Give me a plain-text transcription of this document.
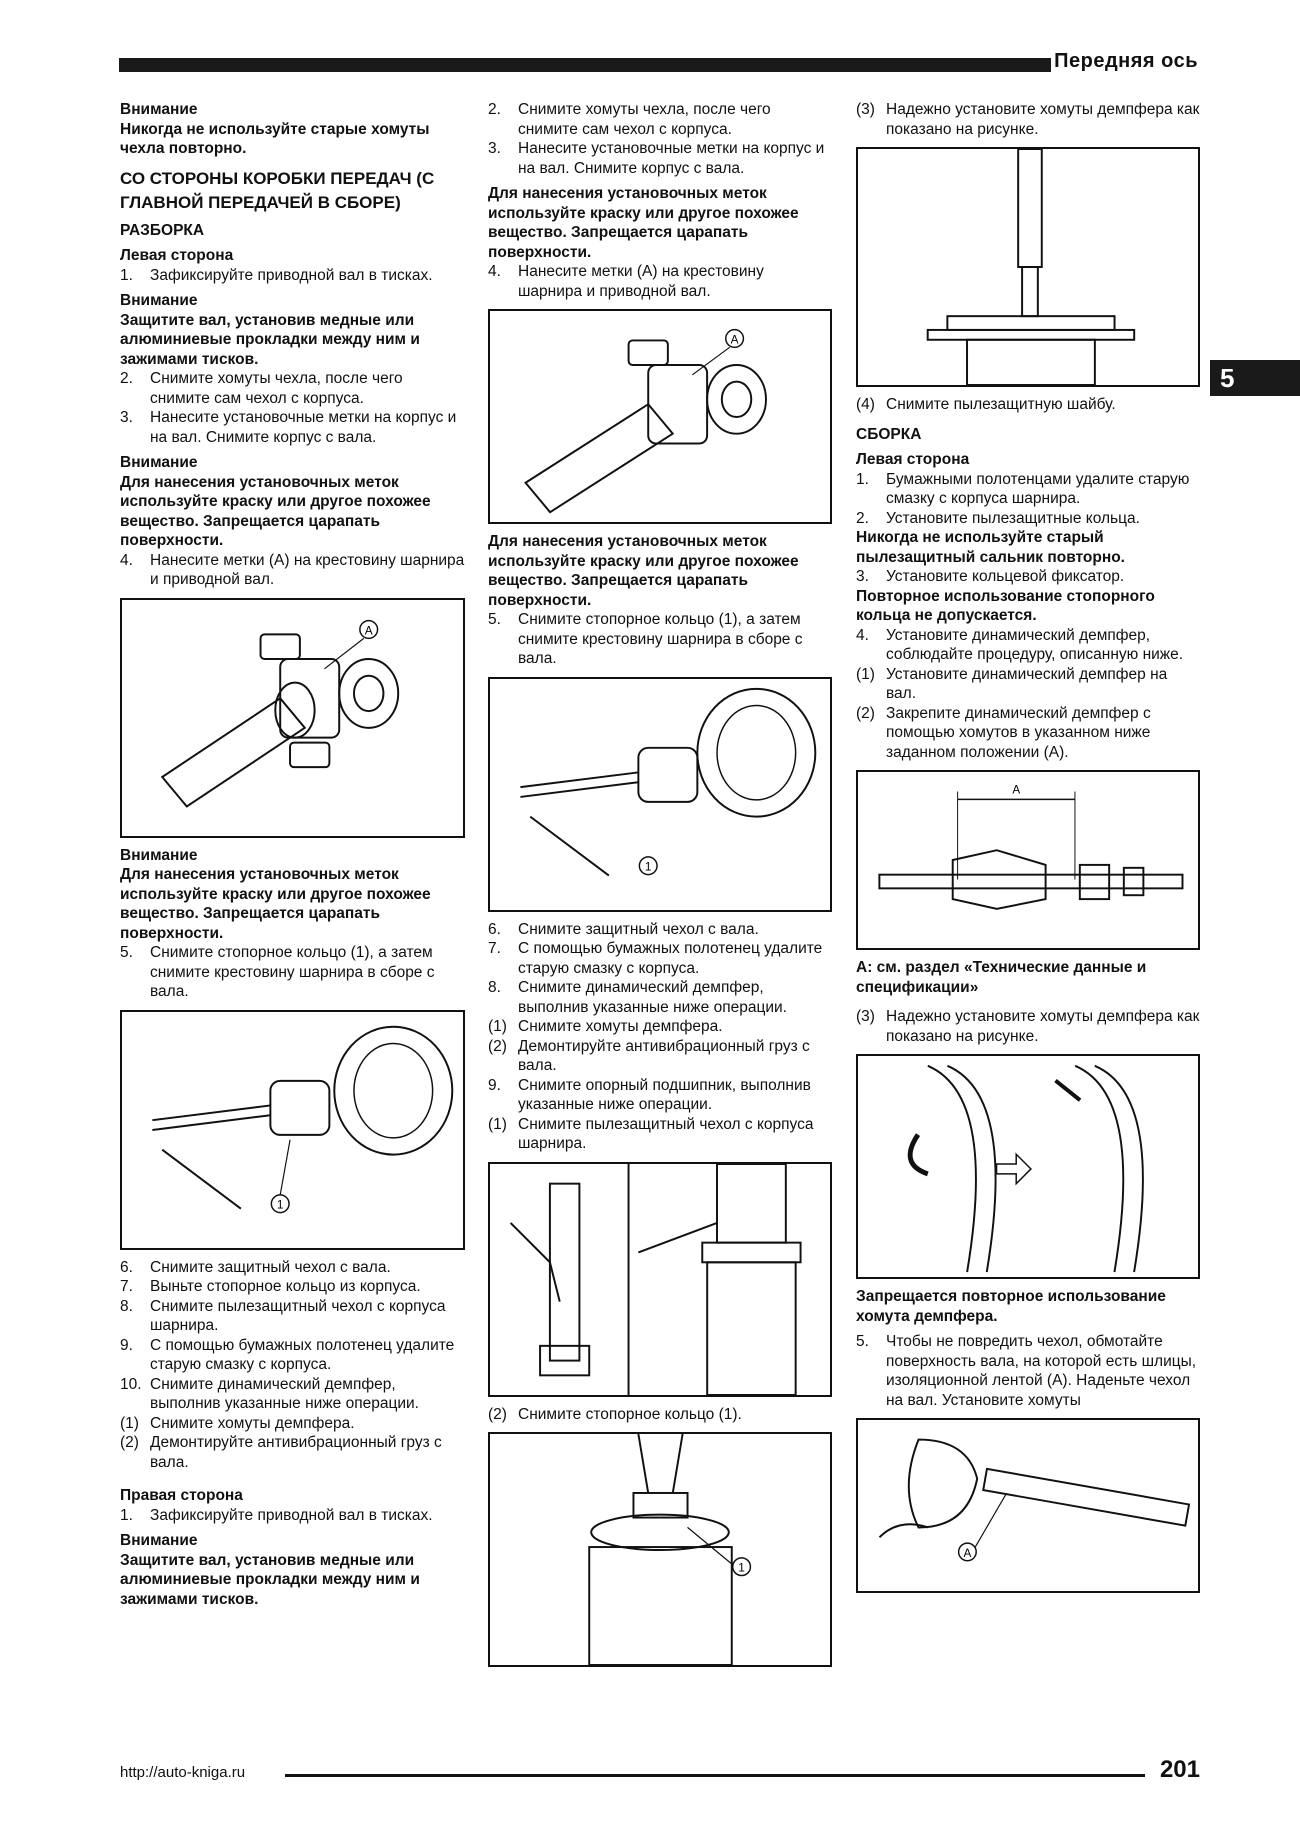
Передняя ось
5
Внимание

Никогда не используйте старые хомуты чехла повторно.

СО СТОРОНЫ КОРОБКИ ПЕРЕДАЧ (С ГЛАВНОЙ ПЕРЕДАЧЕЙ В СБОРЕ)
РАЗБОРКА
Левая сторона
1.	Зафиксируйте приводной вал в тисках.
Внимание

Защитите вал, установив медные или алюминиевые прокладки между ним и зажимами тисков.

2.	Снимите хомуты чехла, после чего снимите сам чехол с корпуса.
3.	Нанесите установочные метки на корпус и на вал. Снимите корпус с вала.
Внимание

Для нанесения установочных меток используйте краску или другое похожее вещество. Запрещается царапать поверхности.

4.	Нанесите метки (A) на крестовину шарнира и приводной вал.
A
Внимание

Для нанесения установочных меток используйте краску или другое похожее вещество. Запрещается царапать поверхности.

5.	Снимите стопорное кольцо (1), а затем снимите крестовину шарнира в сборе с вала.
1
6.	Снимите защитный чехол с вала.
7.	Выньте стопорное кольцо из корпуса.
8.	Снимите пылезащитный чехол с корпуса шарнира.
9.	С помощью бумажных полотенец удалите старую смазку с корпуса.
10. Снимите динамический демпфер, выполнив указанные ниже операции.
(1) Снимите хомуты демпфера.
(2) Демонтируйте антивибрационный груз с вала.
Правая сторона
1.	Зафиксируйте приводной вал в тисках.
Внимание

Защитите вал, установив медные или алюминиевые прокладки между ним и зажимами тисков.

2.	Снимите хомуты чехла, после чего снимите сам чехол с корпуса.
3.	Нанесите установочные метки на корпус и на вал. Снимите корпус с вала.

Для нанесения установочных меток используйте краску или другое похожее вещество. Запрещается царапать поверхности.

4.	Нанесите метки (A) на крестовину шарнира и приводной вал.
A

Для нанесения установочных меток используйте краску или другое похожее вещество. Запрещается царапать поверхности.

5.	Снимите стопорное кольцо (1), а затем снимите крестовину шарнира в сборе с вала.
1
6.	Снимите защитный чехол с вала.
7.	С помощью бумажных полотенец удалите старую смазку с корпуса.
8.	Снимите динамический демпфер, выполнив указанные ниже операции.
(1) Снимите хомуты демпфера.
(2) Демонтируйте антивибрационный груз с вала.
9.	Снимите опорный подшипник, выполнив указанные ниже операции.
(1) Снимите пылезащитный чехол с корпуса шарнира.
(2) Снимите стопорное кольцо (1).
1
(3) Надежно установите хомуты демпфера как показано на рисунке.
(4) Снимите пылезащитную шайбу.
СБОРКА
Левая сторона
1.	Бумажными полотенцами удалите старую смазку с корпуса шарнира.
2.	Установите пылезащитные кольца.

Никогда не используйте старый пылезащитный сальник повторно.

3.	Установите кольцевой фиксатор.

Повторное использование стопорного кольца не допускается.

4.	Установите динамический демпфер, соблюдайте процедуру, описанную ниже.
(1) Установите динамический демпфер на вал.
(2) Закрепите динамический демпфер с помощью хомутов в указанном ниже заданном положении (A).
A

A: см. раздел «Технические данные и спецификации»

(3) Надежно установите хомуты демпфера как показано на рисунке.

Запрещается повторное использование хомута демпфера.

5.	Чтобы не повредить чехол, обмотайте поверхность вала, на которой есть шлицы, изоляционной лентой (A). Наденьте чехол на вал. Установите хомуты
A
http://auto-kniga.ru	201
